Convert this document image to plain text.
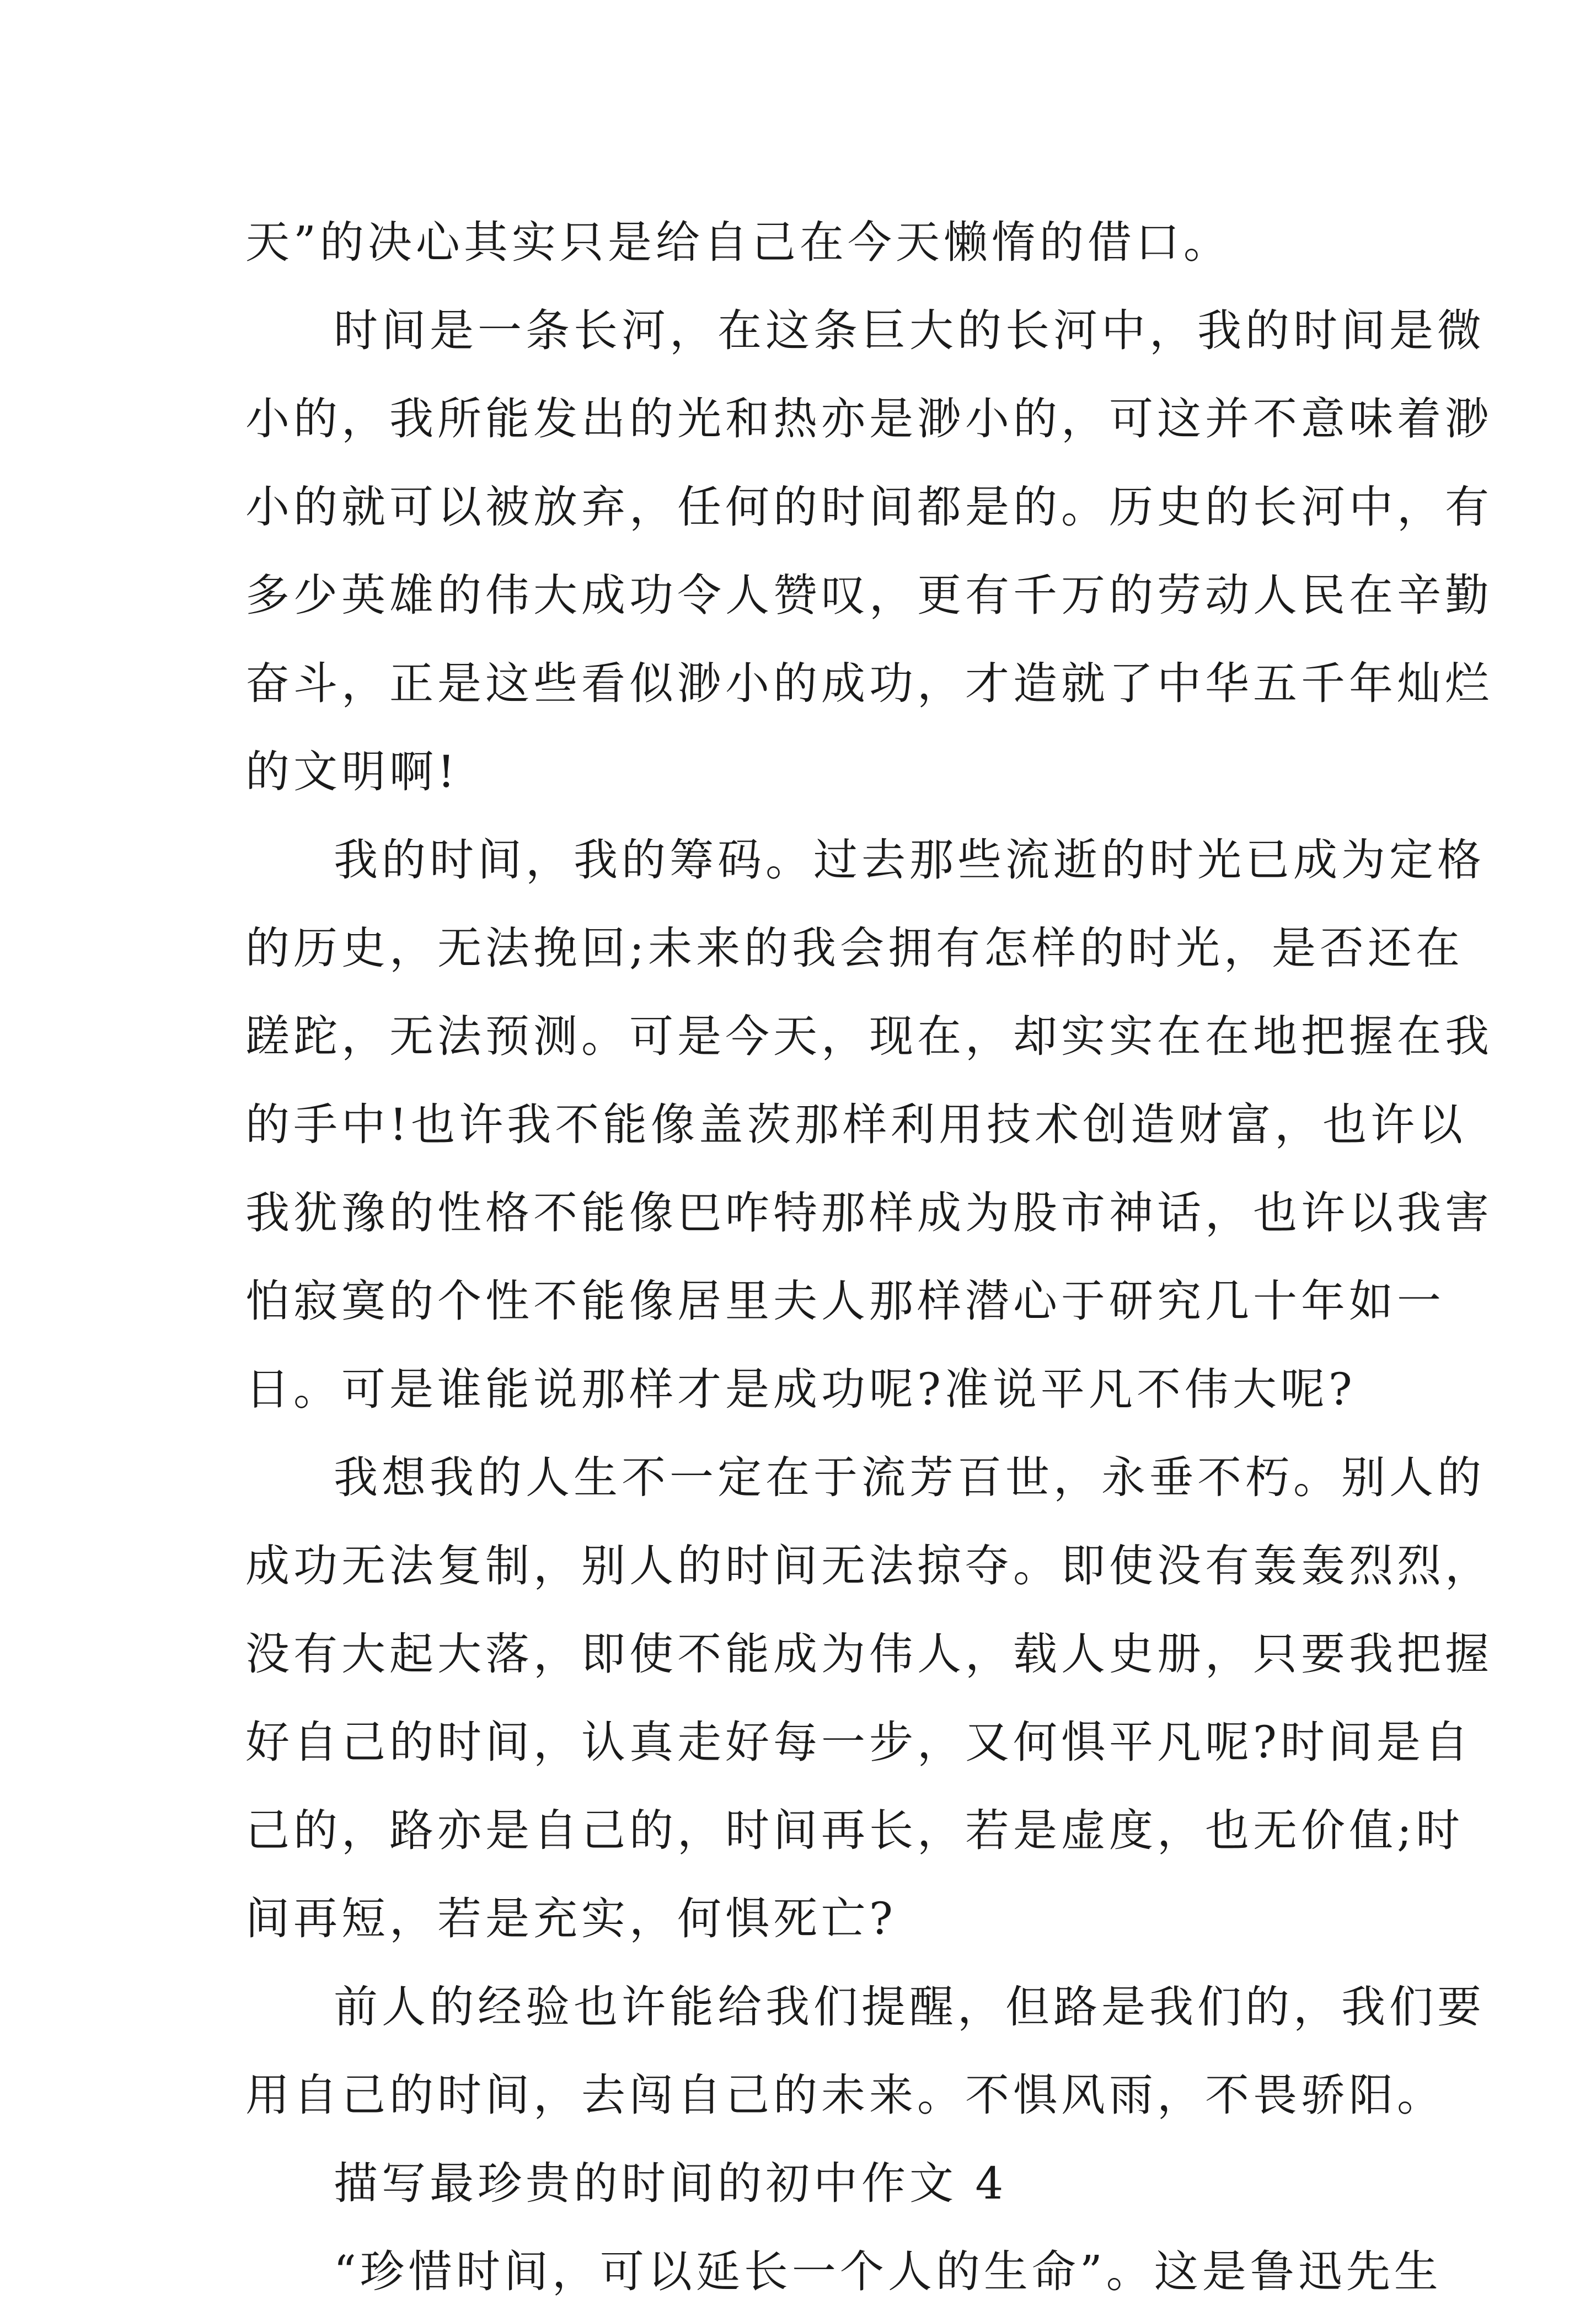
天”的决心其实只是给自己在今天懒惰的借口。
时间是一条长河，在这条巨大的长河中，我的时间是微
小的，我所能发出的光和热亦是渺小的，可这并不意味着渺
小的就可以被放弃，任何的时间都是的。历史的长河中，有
多少英雄的伟大成功令人赞叹，更有千万的劳动人民在辛勤
奋斗，正是这些看似渺小的成功，才造就了中华五千年灿烂
的文明啊!
我的时间，我的筹码。过去那些流逝的时光已成为定格
的历史，无法挽回;未来的我会拥有怎样的时光，是否还在
蹉跎，无法预测。可是今天，现在，却实实在在地把握在我
的手中!也许我不能像盖茨那样利用技术创造财富，也许以
我犹豫的性格不能像巴咋特那样成为股市神话，也许以我害
怕寂寞的个性不能像居里夫人那样潜心于研究几十年如一
日。可是谁能说那样才是成功呢?准说平凡不伟大呢?
我想我的人生不一定在于流芳百世，永垂不朽。别人的
成功无法复制，别人的时间无法掠夺。即使没有轰轰烈烈，
没有大起大落，即使不能成为伟人，载人史册，只要我把握
好自己的时间，认真走好每一步，又何惧平凡呢?时间是自
己的，路亦是自己的，时间再长，若是虚度，也无价值;时
间再短，若是充实，何惧死亡?
前人的经验也许能给我们提醒，但路是我们的，我们要
用自己的时间，去闯自己的未来。不惧风雨，不畏骄阳。
描写最珍贵的时间的初中作文 4
“珍惜时间，可以延长一个人的生命”。这是鲁迅先生
